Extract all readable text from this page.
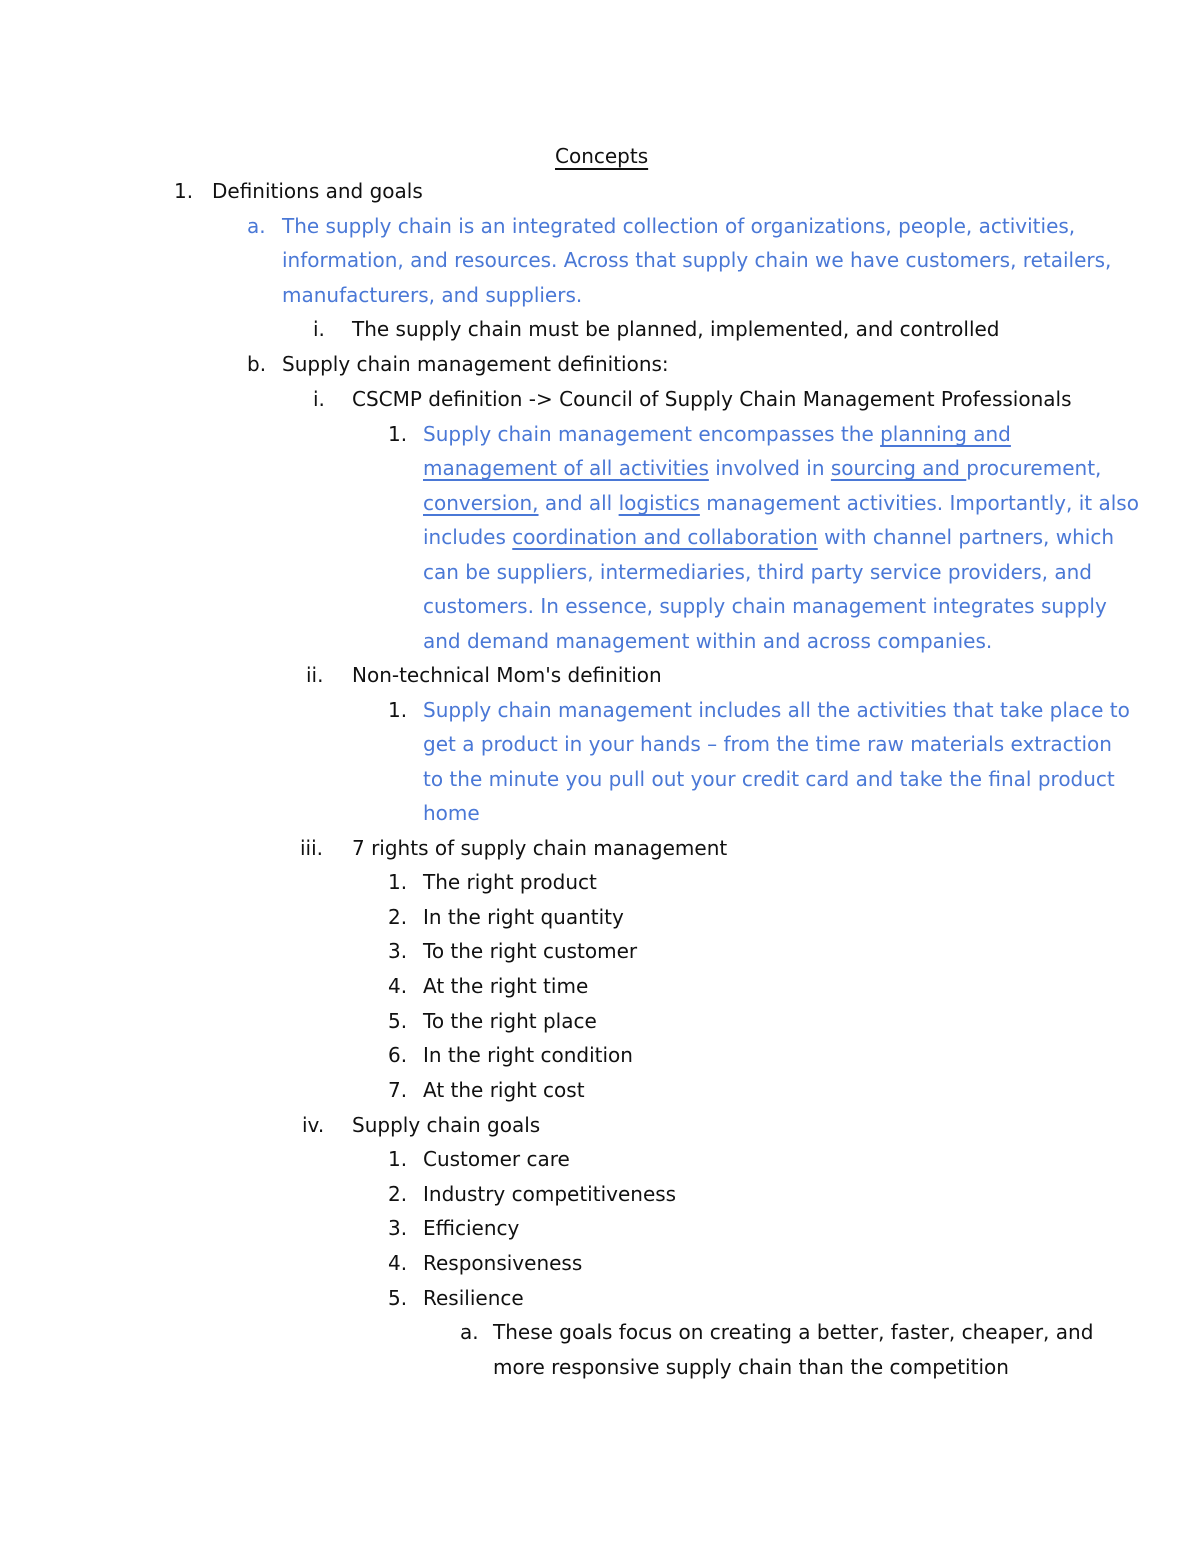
Concepts
1. Definitions and goals
a. The supply chain is an integrated collection of organizations, people, activities,
information, and resources. Across that supply chain we have customers, retailers,
manufacturers, and suppliers.
i. The supply chain must be planned, implemented, and controlled
b. Supply chain management definitions:
i. CSCMP definition -> Council of Supply Chain Management Professionals
1. Supply chain management encompasses the planning and
management of all activities involved in sourcing and procurement,
conversion, and all logistics management activities. Importantly, it also
includes coordination and collaboration with channel partners, which
can be suppliers, intermediaries, third party service providers, and
customers. In essence, supply chain management integrates supply
and demand management within and across companies.
ii. Non-technical Mom's definition
1. Supply chain management includes all the activities that take place to
get a product in your hands – from the time raw materials extraction
to the minute you pull out your credit card and take the final product
home
iii. 7 rights of supply chain management
1. The right product
2. In the right quantity
3. To the right customer
4. At the right time
5. To the right place
6. In the right condition
7. At the right cost
iv. Supply chain goals
1. Customer care
2. Industry competitiveness
3. Efficiency
4. Responsiveness
5. Resilience
a. These goals focus on creating a better, faster, cheaper, and
more responsive supply chain than the competition
